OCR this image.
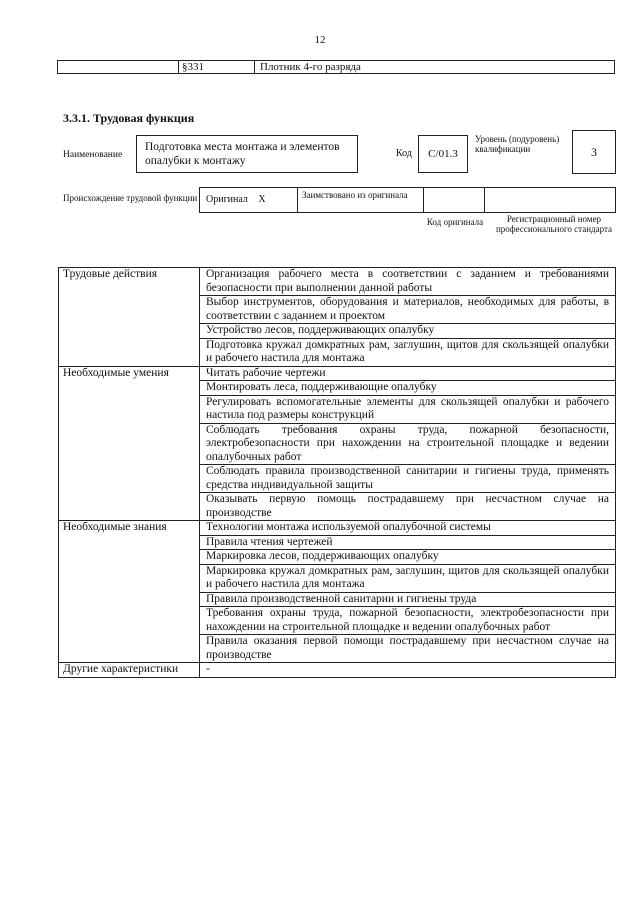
12
§331	Плотник 4-го разряда
3.3.1. Трудовая функция
Наименование
Подготовка места монтажа и элементов опалубки к монтажу
Код	С/01.3
Уровень (подуровень) квалификации	3
Происхождение трудовой функции Оригинал Х	Заимствовано из оригинала
Код оригинала	Регистрационный номер профессионального стандарта
Трудовые действия	Организация рабочего места в соответствии с заданием и требованиями безопасности при выполнении данной работы
	Выбор инструментов, оборудования и материалов, необходимых для работы, в соответствии с заданием и проектом
	Устройство лесов, поддерживающих опалубку
	Подготовка кружал домкратных рам, заглушин, щитов для скользящей опалубки и рабочего настила для монтажа
Необходимые умения	Читать рабочие чертежи
	Монтировать леса, поддерживающие опалубку
	Регулировать вспомогательные элементы для скользящей опалубки и рабочего настила под размеры конструкций
	Соблюдать требования охраны труда, пожарной безопасности, электробезопасности при нахождении на строительной площадке и ведении опалубочных работ
	Соблюдать правила производственной санитарии и гигиены труда, применять средства индивидуальной защиты
	Оказывать первую помощь пострадавшему при несчастном случае на производстве
Необходимые знания	Технологии монтажа используемой опалубочной системы
	Правила чтения чертежей
	Маркировка лесов, поддерживающих опалубку
	Маркировка кружал домкратных рам, заглушин, щитов для скользящей опалубки и рабочего настила для монтажа
	Правила производственной санитарии и гигиены труда
	Требования охраны труда, пожарной безопасности, электробезопасности при нахождении на строительной площадке и ведении опалубочных работ
	Правила оказания первой помощи пострадавшему при несчастном случае на производстве
Другие характеристики	-
